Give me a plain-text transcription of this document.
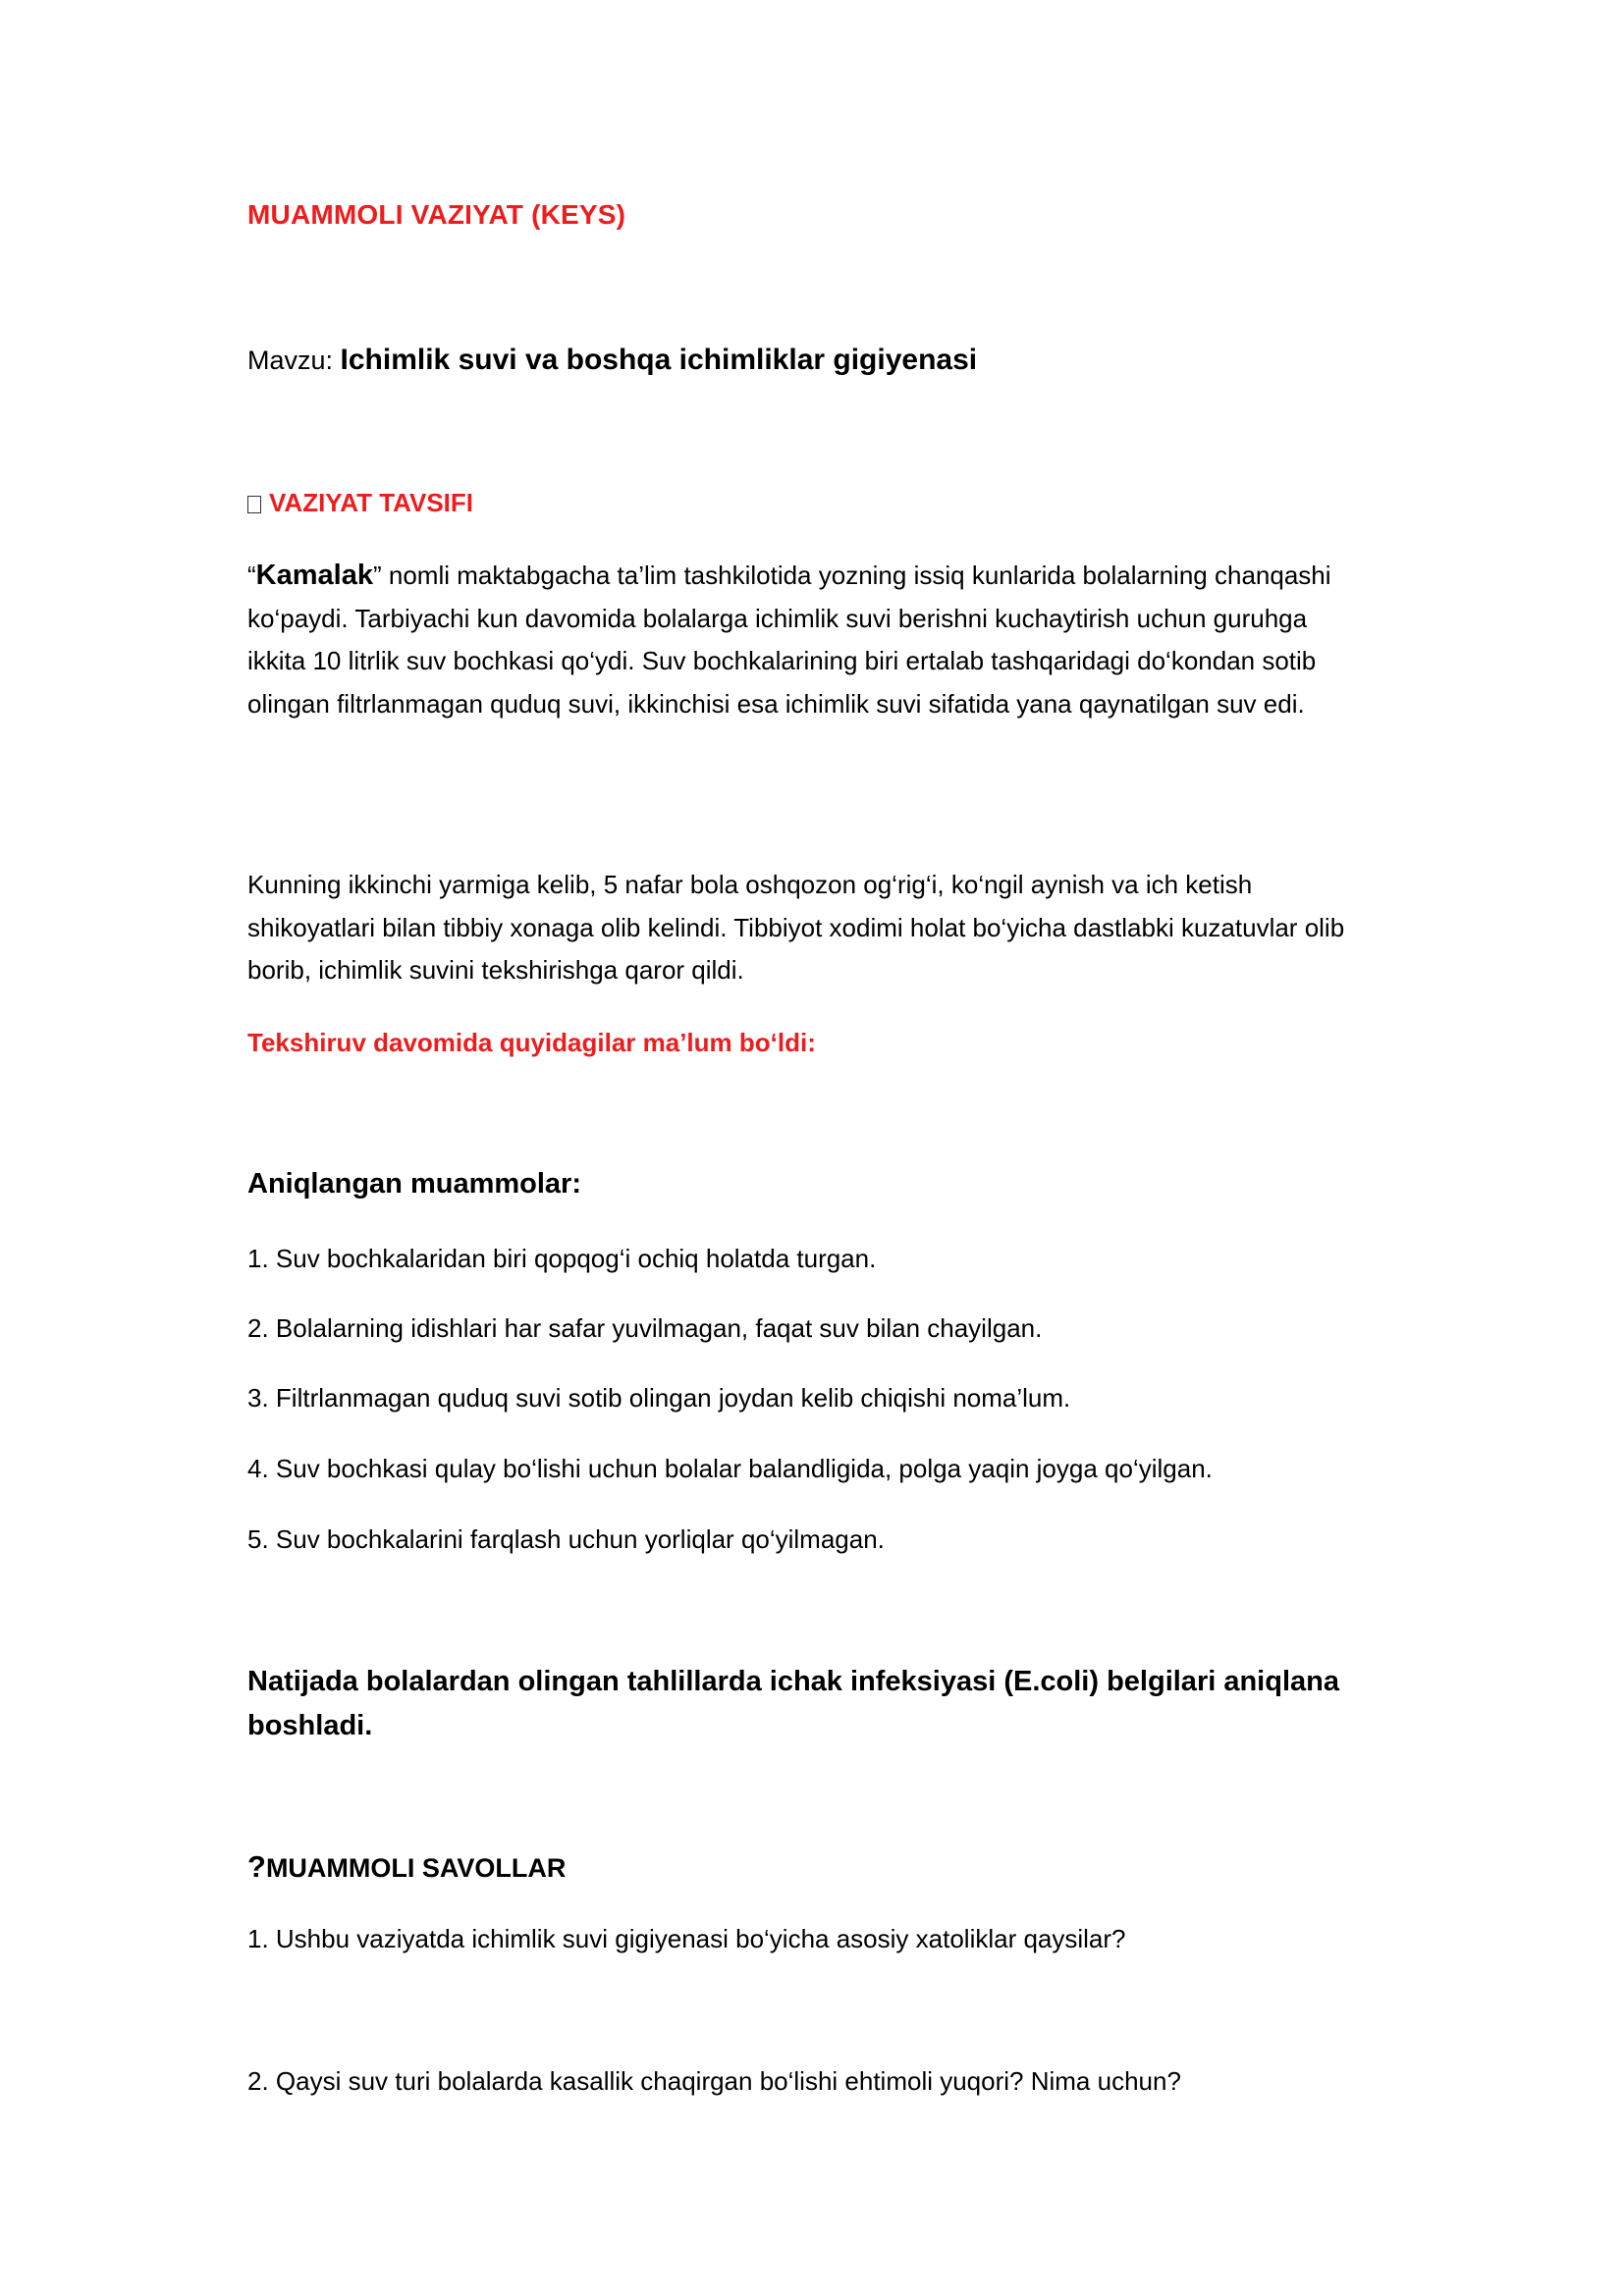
MUAMMOLI VAZIYAT (KEYS)
Mavzu: Ichimlik suvi va boshqa ichimliklar gigiyenasi
VAZIYAT TAVSIFI

“Kamalak” nomli maktabgacha ta’lim tashkilotida yozning issiq kunlarida bolalarning chanqashi ko‘paydi. Tarbiyachi kun davomida bolalarga ichimlik suvi berishni kuchaytirish uchun guruhga ikkita 10 litrlik suv bochkasi qo‘ydi. Suv bochkalarining biri ertalab tashqaridagi do‘kondan sotib olingan filtrlanmagan quduq suvi, ikkinchisi esa ichimlik suvi sifatida yana qaynatilgan suv edi.

Kunning ikkinchi yarmiga kelib, 5 nafar bola oshqozon og‘rig‘i, ko‘ngil aynish va ich ketish shikoyatlari bilan tibbiy xonaga olib kelindi. Tibbiyot xodimi holat bo‘yicha dastlabki kuzatuvlar olib borib, ichimlik suvini tekshirishga qaror qildi.

Tekshiruv davomida quyidagilar ma’lum bo‘ldi:
Aniqlangan muammolar:
1. Suv bochkalaridan biri qopqog‘i ochiq holatda turgan.
2. Bolalarning idishlari har safar yuvilmagan, faqat suv bilan chayilgan.
3. Filtrlanmagan quduq suvi sotib olingan joydan kelib chiqishi noma’lum.
4. Suv bochkasi qulay bo‘lishi uchun bolalar balandligida, polga yaqin joyga qo‘yilgan.
5. Suv bochkalarini farqlash uchun yorliqlar qo‘yilmagan.

Natijada bolalardan olingan tahlillarda ichak infeksiyasi (E.coli) belgilari aniqlana boshladi.

?MUAMMOLI SAVOLLAR
1. Ushbu vaziyatda ichimlik suvi gigiyenasi bo‘yicha asosiy xatoliklar qaysilar?
2. Qaysi suv turi bolalarda kasallik chaqirgan bo‘lishi ehtimoli yuqori? Nima uchun?
